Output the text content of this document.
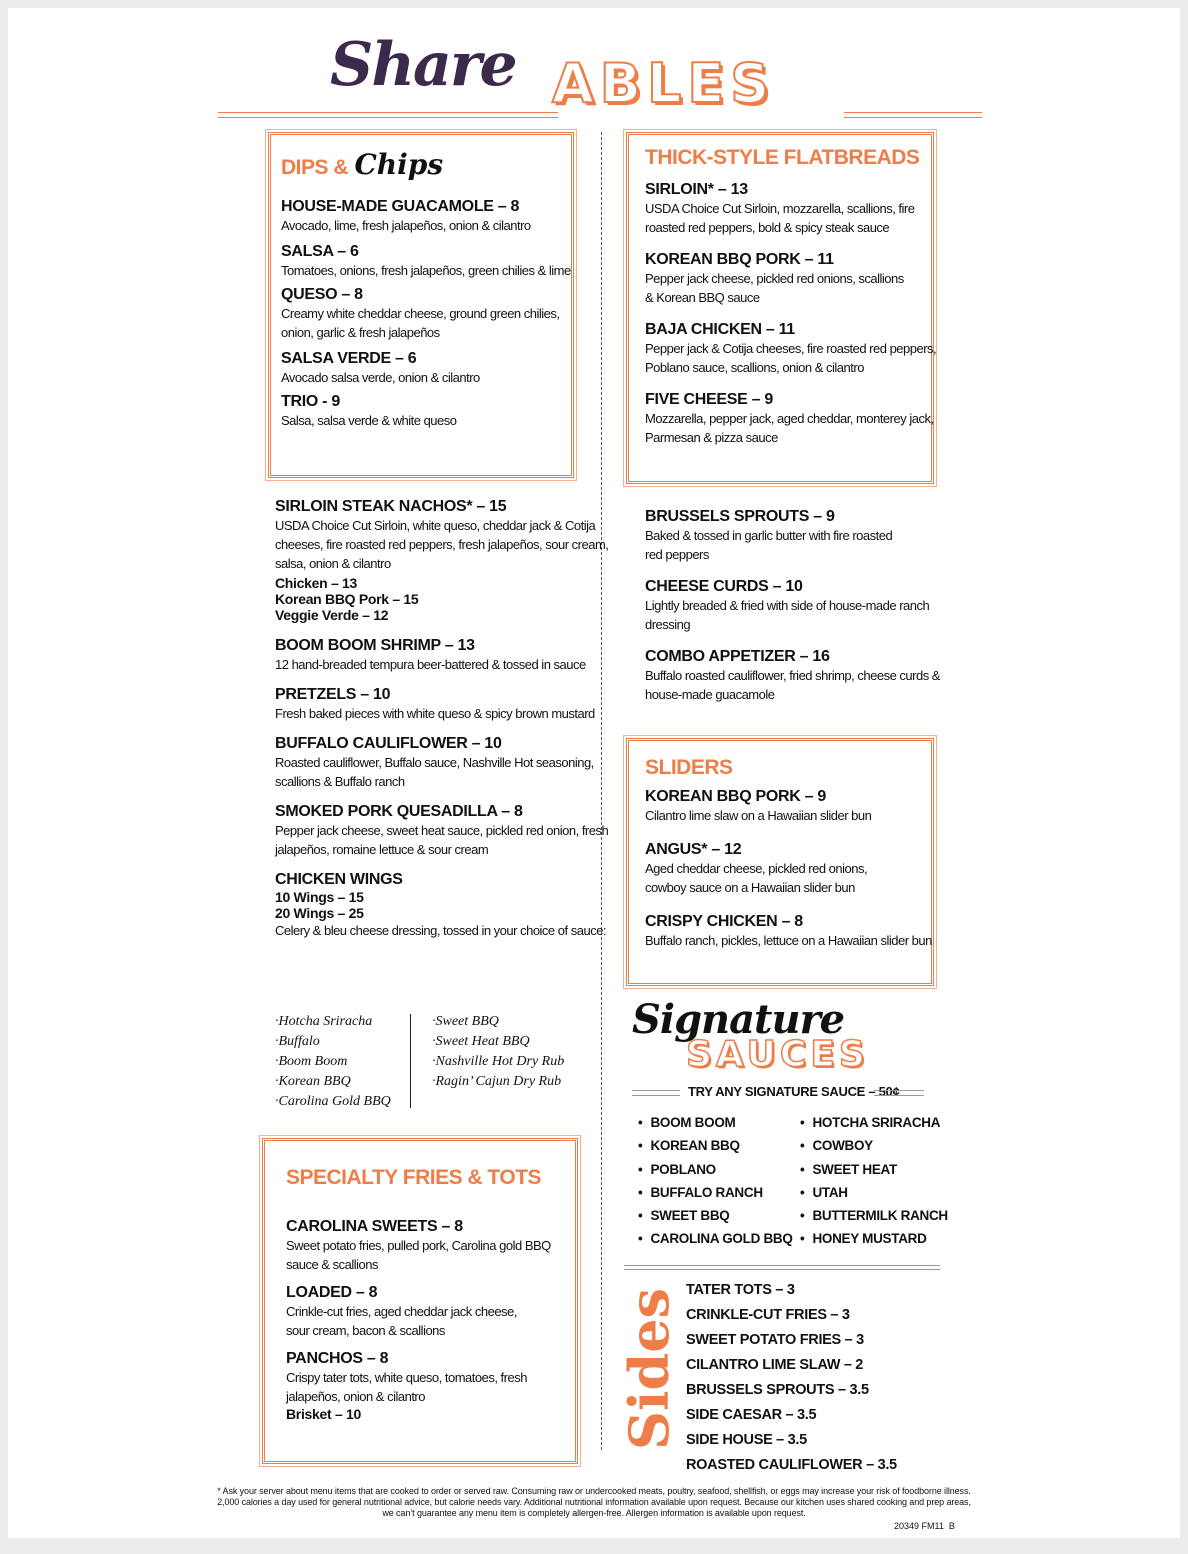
Share ABLES
DIPS & Chips
HOUSE-MADE GUACAMOLE – 8
Avocado, lime, fresh jalapeños, onion & cilantro
SALSA – 6
Tomatoes, onions, fresh jalapeños, green chilies & lime
QUESO – 8
Creamy white cheddar cheese, ground green chilies,
onion, garlic & fresh jalapeños
SALSA VERDE – 6
Avocado salsa verde, onion & cilantro
TRIO - 9
Salsa, salsa verde & white queso
SIRLOIN STEAK NACHOS* – 15
USDA Choice Cut Sirloin, white queso, cheddar jack & Cotija
cheeses, fire roasted red peppers, fresh jalapeños, sour cream,
salsa, onion & cilantro
Chicken – 13
Korean BBQ Pork – 15
Veggie Verde – 12
BOOM BOOM SHRIMP – 13
12 hand-breaded tempura beer-battered & tossed in sauce
PRETZELS – 10
Fresh baked pieces with white queso & spicy brown mustard
BUFFALO CAULIFLOWER – 10
Roasted cauliflower, Buffalo sauce, Nashville Hot seasoning,
scallions & Buffalo ranch
SMOKED PORK QUESADILLA – 8
Pepper jack cheese, sweet heat sauce, pickled red onion, fresh
jalapeños, romaine lettuce & sour cream
CHICKEN WINGS
10 Wings – 15
20 Wings – 25
Celery & bleu cheese dressing, tossed in your choice of sauce:
·Hotcha Sriracha
·Buffalo
·Boom Boom
·Korean BBQ
·Carolina Gold BBQ
·Sweet BBQ
·Sweet Heat BBQ
·Nashville Hot Dry Rub
·Ragin’ Cajun Dry Rub
SPECIALTY FRIES & TOTS
CAROLINA SWEETS – 8
Sweet potato fries, pulled pork, Carolina gold BBQ
sauce & scallions
LOADED – 8
Crinkle-cut fries, aged cheddar jack cheese,
sour cream, bacon & scallions
PANCHOS – 8
Crispy tater tots, white queso, tomatoes, fresh
jalapeños, onion & cilantro
Brisket – 10
THICK-STYLE FLATBREADS
SIRLOIN* – 13
USDA Choice Cut Sirloin, mozzarella, scallions, fire
roasted red peppers, bold & spicy steak sauce
KOREAN BBQ PORK – 11
Pepper jack cheese, pickled red onions, scallions
& Korean BBQ sauce
BAJA CHICKEN – 11
Pepper jack & Cotija cheeses, fire roasted red peppers,
Poblano sauce, scallions, onion & cilantro
FIVE CHEESE – 9
Mozzarella, pepper jack, aged cheddar, monterey jack,
Parmesan & pizza sauce
BRUSSELS SPROUTS – 9
Baked & tossed in garlic butter with fire roasted
red peppers
CHEESE CURDS – 10
Lightly breaded & fried with side of house-made ranch
dressing
COMBO APPETIZER – 16
Buffalo roasted cauliflower, fried shrimp, cheese curds &
house-made guacamole
SLIDERS
KOREAN BBQ PORK – 9
Cilantro lime slaw on a Hawaiian slider bun
ANGUS* – 12
Aged cheddar cheese, pickled red onions,
cowboy sauce on a Hawaiian slider bun
CRISPY CHICKEN – 8
Buffalo ranch, pickles, lettuce on a Hawaiian slider bun
Signature
SAUCES
TRY ANY SIGNATURE SAUCE – 50¢
• BOOM BOOM
• KOREAN BBQ
• POBLANO
• BUFFALO RANCH
• SWEET BBQ
• CAROLINA GOLD BBQ
• HOTCHA SRIRACHA
• COWBOY
• SWEET HEAT
• UTAH
• BUTTERMILK RANCH
• HONEY MUSTARD
Sides TATER TOTS – 3
CRINKLE-CUT FRIES – 3
SWEET POTATO FRIES – 3
CILANTRO LIME SLAW – 2
BRUSSELS SPROUTS – 3.5
SIDE CAESAR – 3.5
SIDE HOUSE – 3.5
ROASTED CAULIFLOWER – 3.5
* Ask your server about menu items that are cooked to order or served raw. Consuming raw or undercooked meats, poultry, seafood, shellfish, or eggs may increase your risk of foodborne illness.
2,000 calories a day used for general nutritional advice, but calorie needs vary. Additional nutritional information available upon request. Because our kitchen uses shared cooking and prep areas,
we can’t guarantee any menu item is completely allergen-free. Allergen information is available upon request.
20349 FM11  B
